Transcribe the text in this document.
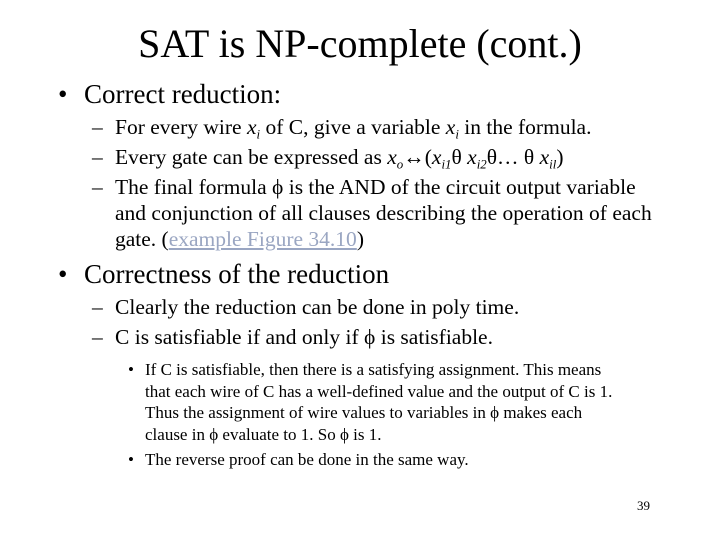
SAT is NP-complete (cont.)
• Correct reduction:
– For every wire $x_i$ of C, give a variable $x_i$ in the formula.
– Every gate can be expressed as $x_o\leftrightarrow(x_{i1}\theta$ $x_{i2}\theta\dots$ θ $x_{il}$)
– The final formula ϕ is the AND of the circuit output variable
and conjunction of all clauses describing the operation of each
gate. (example Figure 34.10)
• Correctness of the reduction
– Clearly the reduction can be done in poly time.
– C is satisfiable if and only if ϕ is satisfiable.
• If C is satisfiable, then there is a satisfying assignment. This means
that each wire of C has a well-defined value and the output of C is 1.
Thus the assignment of wire values to variables in ϕ makes each
clause in ϕ evaluate to 1. So ϕ is 1.
• The reverse proof can be done in the same way.
39
